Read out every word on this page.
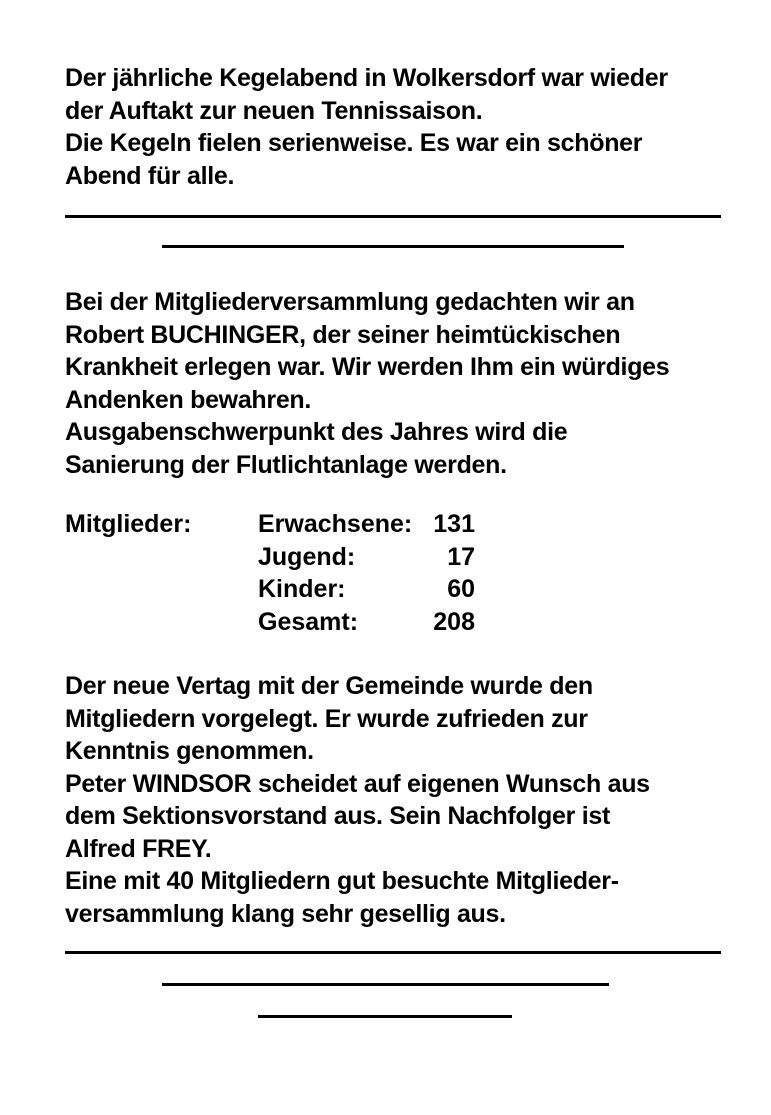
Der jährliche Kegelabend in Wolkersdorf war wieder
der Auftakt zur neuen Tennissaison.
Die Kegeln fielen serienweise. Es war ein schöner
Abend für alle.
Bei der Mitgliederversammlung gedachten wir an
Robert BUCHINGER, der seiner heimtückischen
Krankheit erlegen war. Wir werden Ihm ein würdiges
Andenken bewahren.
Ausgabenschwerpunkt des Jahres wird die
Sanierung der Flutlichtanlage werden.
Mitglieder:	Erwachsene: 131
Jugend:	17
Kinder:	60
Gesamt:	208
Der neue Vertag mit der Gemeinde wurde den
Mitgliedern vorgelegt. Er wurde zufrieden zur
Kenntnis genommen.
Peter WINDSOR scheidet auf eigenen Wunsch aus
dem Sektionsvorstand aus. Sein Nachfolger ist
Alfred FREY.
Eine mit 40 Mitgliedern gut besuchte Mitglieder-
versammlung klang sehr gesellig aus.
